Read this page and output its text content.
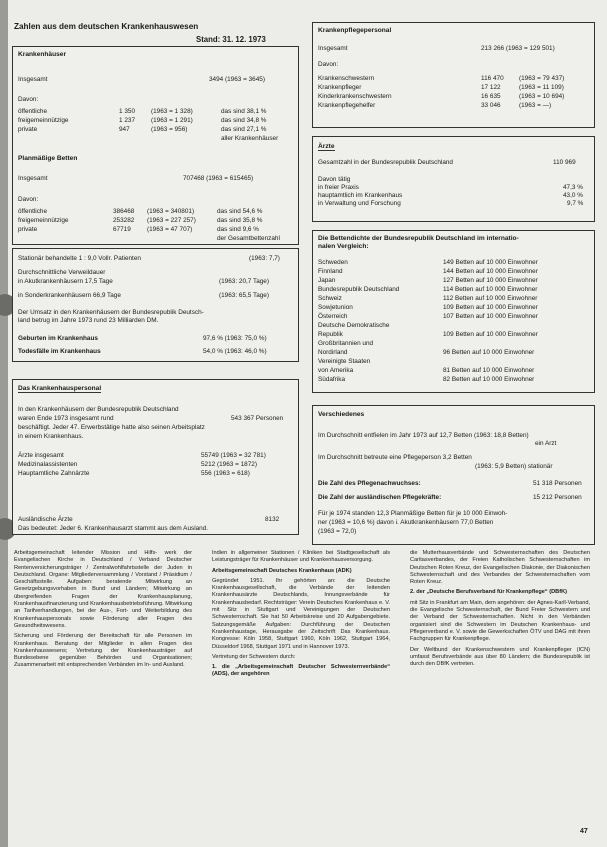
Zahlen aus dem deutschen Krankenhauswesen
Stand: 31. 12. 1973
Krankenhäuser
Insgesamt	3494 (1963 = 3645)
Davon:
öffentliche	1 350	(1963 = 1 328)	das sind 38,1 %
freigemeinnützige	1 237	(1963 = 1 291)	das sind 34,8 %
private	947	(1963 = 956)	das sind 27,1 %
aller Krankenhäuser
Planmäßige Betten
Insgesamt	707468 (1963 = 615465)
Davon:
öffentliche	386468 (1963 = 340801)	das sind 54,6 %
freigemeinnützige	253282 (1963 = 227 257)	das sind 35,8 %
private	67719	(1963 = 47 707)	das sind 9,6 %
der Gesamtbettenzahl
Stationär behandelte 1 : 9,0 Vollr. Patienten	(1963: 7,7)
Durchschnittliche Verweildauer
in Akutkrankenhäusern 17,5 Tage	(1963: 20,7 Tage)
in Sonderkrankenhäusern 66,9 Tage	(1963: 65,5 Tage)
Der Umsatz in den Krankenhäusern der Bundesrepublik Deutsch-
land betrug im Jahre 1973 rund 23 Milliarden DM.
Geburten im Krankenhaus	97,6 % (1963: 75,0 %)
Todesfälle im Krankenhaus	54,0 % (1963: 46,0 %)
Das Krankenhauspersonal
In den Krankenhäusern der Bundesrepublik Deutschland
waren Ende 1973 insgesamt rund	543 367 Personen
beschäftigt. Jeder 47. Erwerbstätige hatte also seinen Arbeitsplatz
in einem Krankenhaus.
Ärzte insgesamt	55749 (1963 = 32 781)
Medizinalassistenten	5212 (1963 = 1872)
Hauptamtliche Zahnärzte	556 (1963 = 618)
Ausländische Ärzte	8132
Das bedeutet: Jeder 6. Krankenhausarzt stammt aus dem Ausland.
Krankenpflegepersonal
Insgesamt	213 266 (1963 = 129 501)
Davon:
Krankenschwestern	116 470 (1963 = 79 437)
Krankenpfleger	17 122	(1963 = 11 109)
Kinderkrankenschwestern	16 635	(1963 = 10 694)
Krankenpflegehelfer	33 046	(1963 = —)
Ärzte
Gesamtzahl in der Bundesrepublik Deutschland	110 969
Davon tätig
in freier Praxis	47,3 %
hauptamtlich im Krankenhaus	43,0 %
in Verwaltung und Forschung	9,7 %
Die Bettendichte der Bundesrepublik Deutschland im internatio-
nalen Vergleich:
Schweden	149 Betten auf 10 000 Einwohner
Finnland	144 Betten auf 10 000 Einwohner
Japan	127 Betten auf 10 000 Einwohner
Bundesrepublik Deutschland	114 Betten auf 10 000 Einwohner
Schweiz	112 Betten auf 10 000 Einwohner
Sowjetunion	109 Betten auf 10 000 Einwohner
Österreich	107 Betten auf 10 000 Einwohner
Deutsche Demokratische
Republik	109 Betten auf 10 000 Einwohner
Großbritannien und
Nordirland	96 Betten auf 10 000 Einwohner
Vereinigte Staaten
von Amerika	81 Betten auf 10 000 Einwohner
Südafrika	82 Betten auf 10 000 Einwohner
Verschiedenes
Im Durchschnitt entfielen im Jahr 1973 auf 12,7 Betten (1963: 18,8 Betten)
ein Arzt
Im Durchschnitt betreute eine Pflegeperson 3,2 Betten
(1963: 5,9 Betten) stationär
Die Zahl des Pflegenachwuchses:	51 318 Personen
Die Zahl der ausländischen Pflegekräfte:	15 212 Personen
Für je 1974 standen 12,3 Planmäßige Betten für je 10 000 Einwoh-
ner (1963 = 10,6 %) davon i. Akutkrankenhäusern 77,0 Betten
(1963 = 72,0)

Arbeitsgemeinschaft leitender Mission und Hilfs- werk der Evangelischen Kirche in Deutschland / Verband Deutscher Rentenversicherungsträger / Zentralwohlfahrtsstelle der Juden in Deutschland. Organe: Mitgliederversammlung / Vorstand / Präsidium / Geschäftsstelle. Aufgaben: beratende Mitwirkung an Gesetzgebungsvorhaben in Bund und Ländern; Mitwirkung an übergreifenden Fragen der Krankenhausplanung, Krankenhausfinanzierung und Krankenhausbetriebsführung. Mitwirkung an Tarifverhandlungen, bei der Aus-, Fort- und Weiterbildung des Krankenhauspersonals sowie Förderung aller Fragen des Gesundheitswesens.

Sicherung und Förderung der Bereitschaft für alle Personen im Krankenhaus. Beratung der Mitglieder in allen Fragen des Krankenhauswesens; Vertretung der Krankenhausträger auf Bundesebene gegenüber Behörden und Organisationen; Zusammenarbeit mit entsprechenden Verbänden im In- und Ausland.

Indien in allgemeiner Stationen / Kliniken bei Stadtgesellschaft als Leistungsträger für Krankenhäuser und Krankenhausversorgung.

Arbeitsgemeinschaft Deutsches Krankenhaus (ADK)

Gegründet 1951. Ihr gehörten an: die Deutsche Krankenhausgesellschaft, die Verbände der leitenden Krankenhausärzte Deutschlands, Innungsverbände für Krankenhausbedarf. Rechtsträger: Verein Deutsches Krankenhaus e. V. mit Sitz in Stuttgart und Vereinigungen der Deutschen Schwesternschaft. Sie hat 50 Arbeitskreise und 20 Aufgabengebiete. Satzungsgemäße Aufgaben: Durchführung der Deutschen Krankenhaustage, Herausgabe der Zeitschrift Das Krankenhaus. Kongresse: Köln 1958, Stuttgart 1960, Köln 1962, Stuttgart 1964, Düsseldorf 1968, Stuttgart 1971 und in Hannover 1973.

Vertretung der Schwestern durch:

1. die „Arbeitsgemeinschaft Deutscher Schwesternverbände“ (ADS), der angehören

die Mutterhausverbände und Schwesternschaften des Deutschen Caritasverbandes, der Freien Katholischen Schwesternschaften im Deutschen Roten Kreuz, der Evangelischen Diakonie, der Diakonischen Schwesternschaft und des Verbandes der Schwesternschaften vom Roten Kreuz.

2. der „Deutsche Berufsverband für Krankenpflege“ (DBfK)

mit Sitz in Frankfurt am Main, dem angehören: der Agnes-Karll-Verband, die Evangelische Schwesternschaft, der Bund Freier Schwestern und der Verband der Schwesternschaften. Nicht in den Verbänden organisiert sind die Schwestern im Deutschen Krankenhaus- und Pflegerverband e. V. sowie die Gewerkschaften ÖTV und DAG mit ihren Fachgruppen für Krankenpflege.

Der Weltbund der Krankenschwestern und Krankenpfleger (ICN) umfasst Berufsverbände aus über 80 Ländern; die Bundesrepublik ist durch den DBfK vertreten.

47
